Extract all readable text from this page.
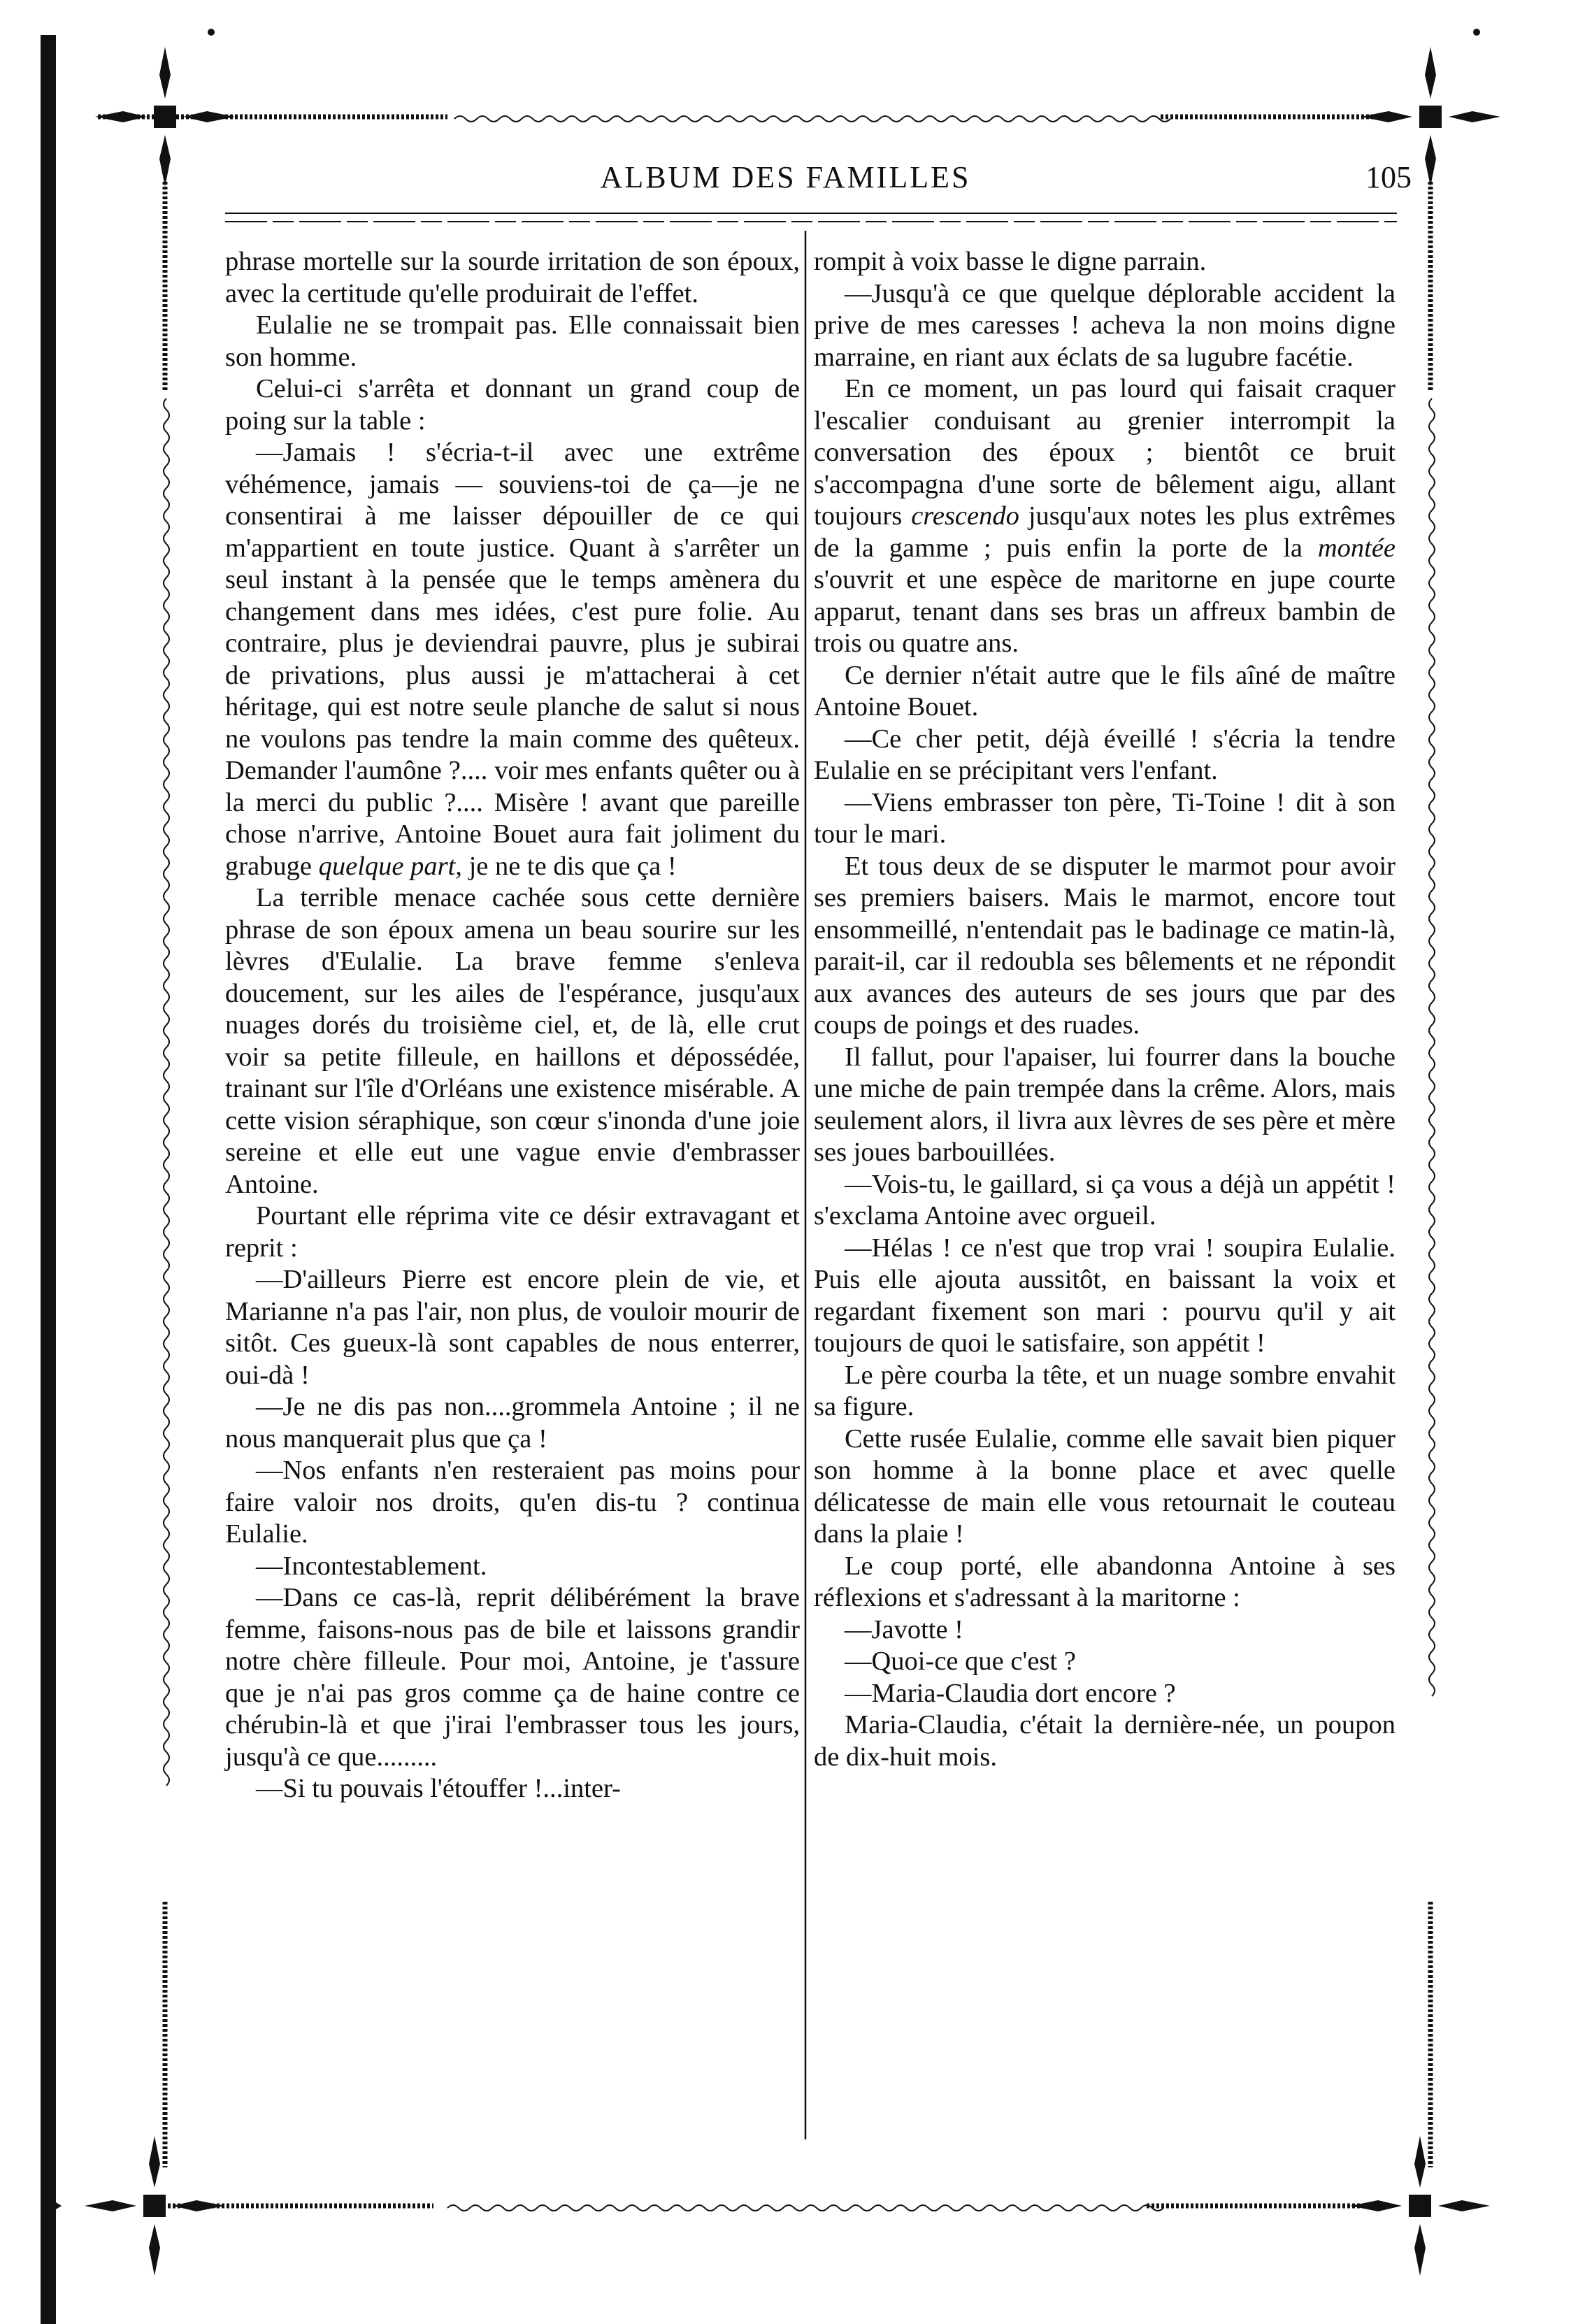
ALBUM DES FAMILLES	105

phrase mortelle sur la sourde irritation de son époux, avec la certitude qu'elle produirait de l'effet.

Eulalie ne se trompait pas. Elle connaissait bien son homme.

Celui-ci s'arrêta et donnant un grand coup de poing sur la table :

—Jamais ! s'écria-t-il avec une extrême véhémence, jamais — souviens-toi de ça—je ne consentirai à me laisser dépouiller de ce qui m'appartient en toute justice. Quant à s'arrêter un seul instant à la pensée que le temps amènera du changement dans mes idées, c'est pure folie. Au contraire, plus je deviendrai pauvre, plus je subirai de privations, plus aussi je m'attacherai à cet héritage, qui est notre seule planche de salut si nous ne voulons pas tendre la main comme des quêteux. Demander l'aumône ?.... voir mes enfants quêter ou à la merci du public ?.... Misère ! avant que pareille chose n'arrive, Antoine Bouet aura fait joliment du grabuge quelque part, je ne te dis que ça !

La terrible menace cachée sous cette dernière phrase de son époux amena un beau sourire sur les lèvres d'Eulalie. La brave femme s'enleva doucement, sur les ailes de l'espérance, jusqu'aux nuages dorés du troisième ciel, et, de là, elle crut voir sa petite filleule, en haillons et dépossédée, trainant sur l'île d'Orléans une existence misérable. A cette vision séraphique, son cœur s'inonda d'une joie sereine et elle eut une vague envie d'embrasser Antoine.

Pourtant elle réprima vite ce désir extravagant et reprit :

—D'ailleurs Pierre est encore plein de vie, et Marianne n'a pas l'air, non plus, de vouloir mourir de sitôt. Ces gueux-là sont capables de nous enterrer, oui-dà !

—Je ne dis pas non....grommela Antoine ; il ne nous manquerait plus que ça !

—Nos enfants n'en resteraient pas moins pour faire valoir nos droits, qu'en dis-tu ? continua Eulalie.

—Incontestablement.

—Dans ce cas-là, reprit délibérément la brave femme, faisons-nous pas de bile et laissons grandir notre chère filleule. Pour moi, Antoine, je t'assure que je n'ai pas gros comme ça de haine contre ce chérubin-là et que j'irai l'embrasser tous les jours, jusqu'à ce que.........

—Si tu pouvais l'étouffer !...inter-

rompit à voix basse le digne parrain.

—Jusqu'à ce que quelque déplorable accident la prive de mes caresses ! acheva la non moins digne marraine, en riant aux éclats de sa lugubre facétie.

En ce moment, un pas lourd qui faisait craquer l'escalier conduisant au grenier interrompit la conversation des époux ; bientôt ce bruit s'accompagna d'une sorte de bêlement aigu, allant toujours crescendo jusqu'aux notes les plus extrêmes de la gamme ; puis enfin la porte de la montée s'ouvrit et une espèce de maritorne en jupe courte apparut, tenant dans ses bras un affreux bambin de trois ou quatre ans.

Ce dernier n'était autre que le fils aîné de maître Antoine Bouet.

—Ce cher petit, déjà éveillé ! s'écria la tendre Eulalie en se précipitant vers l'enfant.

—Viens embrasser ton père, Ti-Toine ! dit à son tour le mari.

Et tous deux de se disputer le marmot pour avoir ses premiers baisers. Mais le marmot, encore tout ensommeillé, n'entendait pas le badinage ce matin-là, parait-il, car il redoubla ses bêlements et ne répondit aux avances des auteurs de ses jours que par des coups de poings et des ruades.

Il fallut, pour l'apaiser, lui fourrer dans la bouche une miche de pain trempée dans la crême. Alors, mais seulement alors, il livra aux lèvres de ses père et mère ses joues barbouillées.

—Vois-tu, le gaillard, si ça vous a déjà un appétit ! s'exclama Antoine avec orgueil.

—Hélas ! ce n'est que trop vrai ! soupira Eulalie. Puis elle ajouta aussitôt, en baissant la voix et regardant fixement son mari : pourvu qu'il y ait toujours de quoi le satisfaire, son appétit !

Le père courba la tête, et un nuage sombre envahit sa figure.

Cette rusée Eulalie, comme elle savait bien piquer son homme à la bonne place et avec quelle délicatesse de main elle vous retournait le couteau dans la plaie !

Le coup porté, elle abandonna Antoine à ses réflexions et s'adressant à la maritorne :

—Javotte !

—Quoi-ce que c'est ?

—Maria-Claudia dort encore ?

Maria-Claudia, c'était la dernière-née, un poupon de dix-huit mois.
